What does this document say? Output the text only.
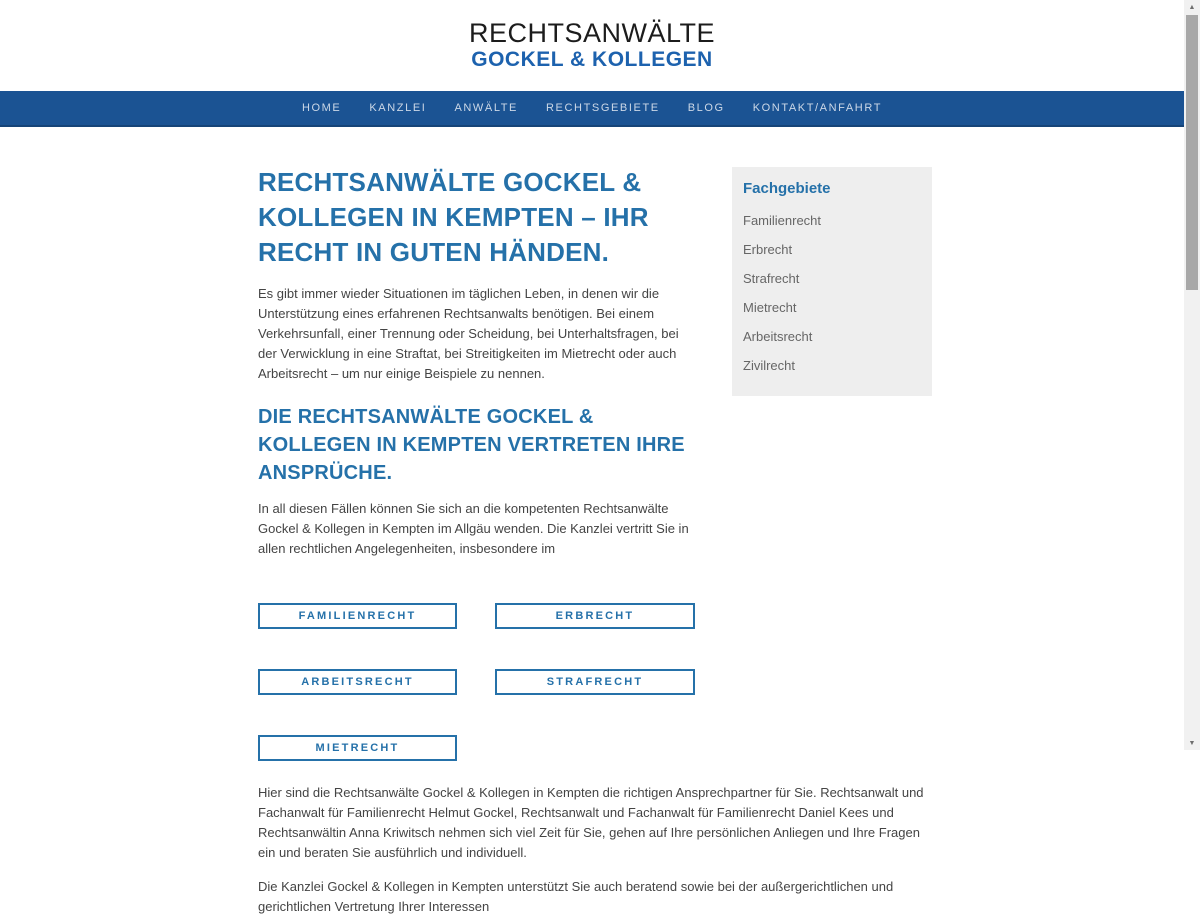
RECHTSANWÄLTE
GOCKEL & KOLLEGEN
HOME	KANZLEI	ANWÄLTE	RECHTSGEBIETE	BLOG	KONTAKT/ANFAHRT
RECHTSANWÄLTE GOCKEL & KOLLEGEN IN KEMPTEN – IHR RECHT IN GUTEN HÄNDEN.

Es gibt immer wieder Situationen im täglichen Leben, in denen wir die Unterstützung eines erfahrenen Rechtsanwalts benötigen. Bei einem Verkehrsunfall, einer Trennung oder Scheidung, bei Unterhaltsfragen, bei der Verwicklung in eine Straftat, bei Streitigkeiten im Mietrecht oder auch Arbeitsrecht – um nur einige Beispiele zu nennen.

DIE RECHTSANWÄLTE GOCKEL & KOLLEGEN IN KEMPTEN VERTRETEN IHRE ANSPRÜCHE.

In all diesen Fällen können Sie sich an die kompetenten Rechtsanwälte Gockel & Kollegen in Kempten im Allgäu wenden. Die Kanzlei vertritt Sie in allen rechtlichen Angelegenheiten, insbesondere im

FAMILIENRECHT	ERBRECHT
ARBEITSRECHT	STRAFRECHT
MIETRECHT
Fachgebiete
Familienrecht
Erbrecht
Strafrecht
Mietrecht
Arbeitsrecht
Zivilrecht

Hier sind die Rechtsanwälte Gockel & Kollegen in Kempten die richtigen Ansprechpartner für Sie. Rechtsanwalt und Fachanwalt für Familienrecht Helmut Gockel, Rechtsanwalt und Fachanwalt für Familienrecht Daniel Kees und Rechtsanwältin Anna Kriwitsch nehmen sich viel Zeit für Sie, gehen auf Ihre persönlichen Anliegen und Ihre Fragen ein und beraten Sie ausführlich und individuell.

Die Kanzlei Gockel & Kollegen in Kempten unterstützt Sie auch beratend sowie bei der außergerichtlichen und gerichtlichen Vertretung Ihrer Interessen

▲
▼
